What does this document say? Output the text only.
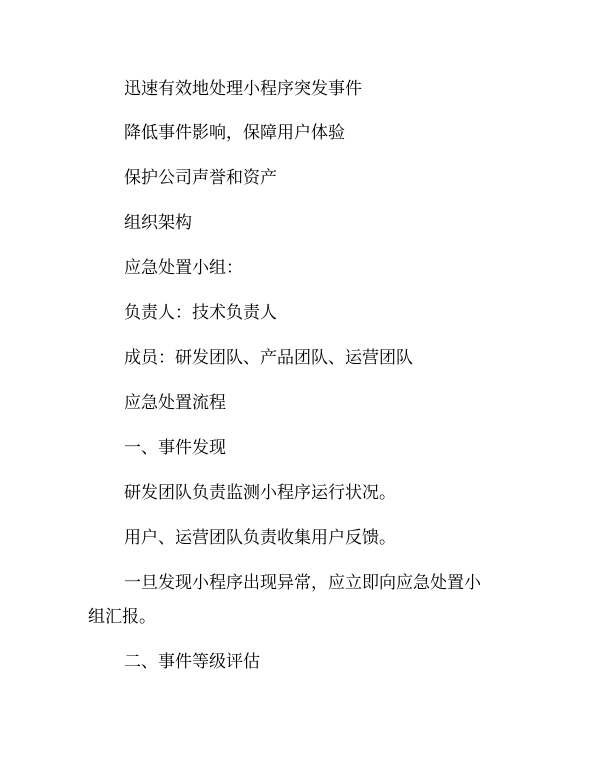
迅速有效地处理小程序突发事件
降低事件影响，保障用户体验
保护公司声誉和资产
组织架构
应急处置小组：
负责人：技术负责人
成员：研发团队、产品团队、运营团队
应急处置流程
一、事件发现
研发团队负责监测小程序运行状况。
用户、运营团队负责收集用户反馈。
一旦发现小程序出现异常，应立即向应急处置小
组汇报。
二、事件等级评估
